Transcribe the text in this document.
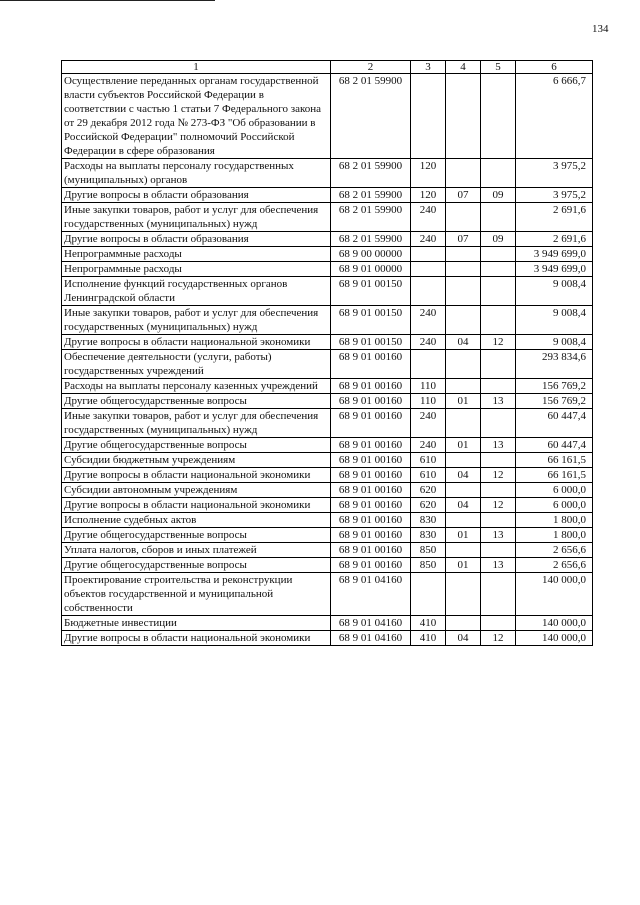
134
1	2	3	4	5	6
Осуществление переданных органам государственной власти субъектов Российской Федерации в соответствии с частью 1 статьи 7 Федерального закона от 29 декабря 2012 года № 273-ФЗ "Об образовании в Российской Федерации" полномочий Российской Федерации в сфере образования	68 2 01 59900				6 666,7
Расходы на выплаты персоналу государственных (муниципальных) органов	68 2 01 59900	120			3 975,2
Другие вопросы в области образования	68 2 01 59900	120	07	09	3 975,2
Иные закупки товаров, работ и услуг для обеспечения государственных (муниципальных) нужд	68 2 01 59900	240			2 691,6
Другие вопросы в области образования	68 2 01 59900	240	07	09	2 691,6
Непрограммные расходы	68 9 00 00000				3 949 699,0
Непрограммные расходы	68 9 01 00000				3 949 699,0
Исполнение функций государственных органов Ленинградской области	68 9 01 00150				9 008,4
Иные закупки товаров, работ и услуг для обеспечения государственных (муниципальных) нужд	68 9 01 00150	240			9 008,4
Другие вопросы в области национальной экономики	68 9 01 00150	240	04	12	9 008,4
Обеспечение деятельности (услуги, работы) государственных учреждений	68 9 01 00160				293 834,6
Расходы на выплаты персоналу казенных учреждений	68 9 01 00160	110			156 769,2
Другие общегосударственные вопросы	68 9 01 00160	110	01	13	156 769,2
Иные закупки товаров, работ и услуг для обеспечения государственных (муниципальных) нужд	68 9 01 00160	240			60 447,4
Другие общегосударственные вопросы	68 9 01 00160	240	01	13	60 447,4
Субсидии бюджетным учреждениям	68 9 01 00160	610			66 161,5
Другие вопросы в области национальной экономики	68 9 01 00160	610	04	12	66 161,5
Субсидии автономным учреждениям	68 9 01 00160	620			6 000,0
Другие вопросы в области национальной экономики	68 9 01 00160	620	04	12	6 000,0
Исполнение судебных актов	68 9 01 00160	830			1 800,0
Другие общегосударственные вопросы	68 9 01 00160	830	01	13	1 800,0
Уплата налогов, сборов и иных платежей	68 9 01 00160	850			2 656,6
Другие общегосударственные вопросы	68 9 01 00160	850	01	13	2 656,6
Проектирование строительства и реконструкции объектов государственной и муниципальной собственности	68 9 01 04160				140 000,0
Бюджетные инвестиции	68 9 01 04160	410			140 000,0
Другие вопросы в области национальной экономики	68 9 01 04160	410	04	12	140 000,0
